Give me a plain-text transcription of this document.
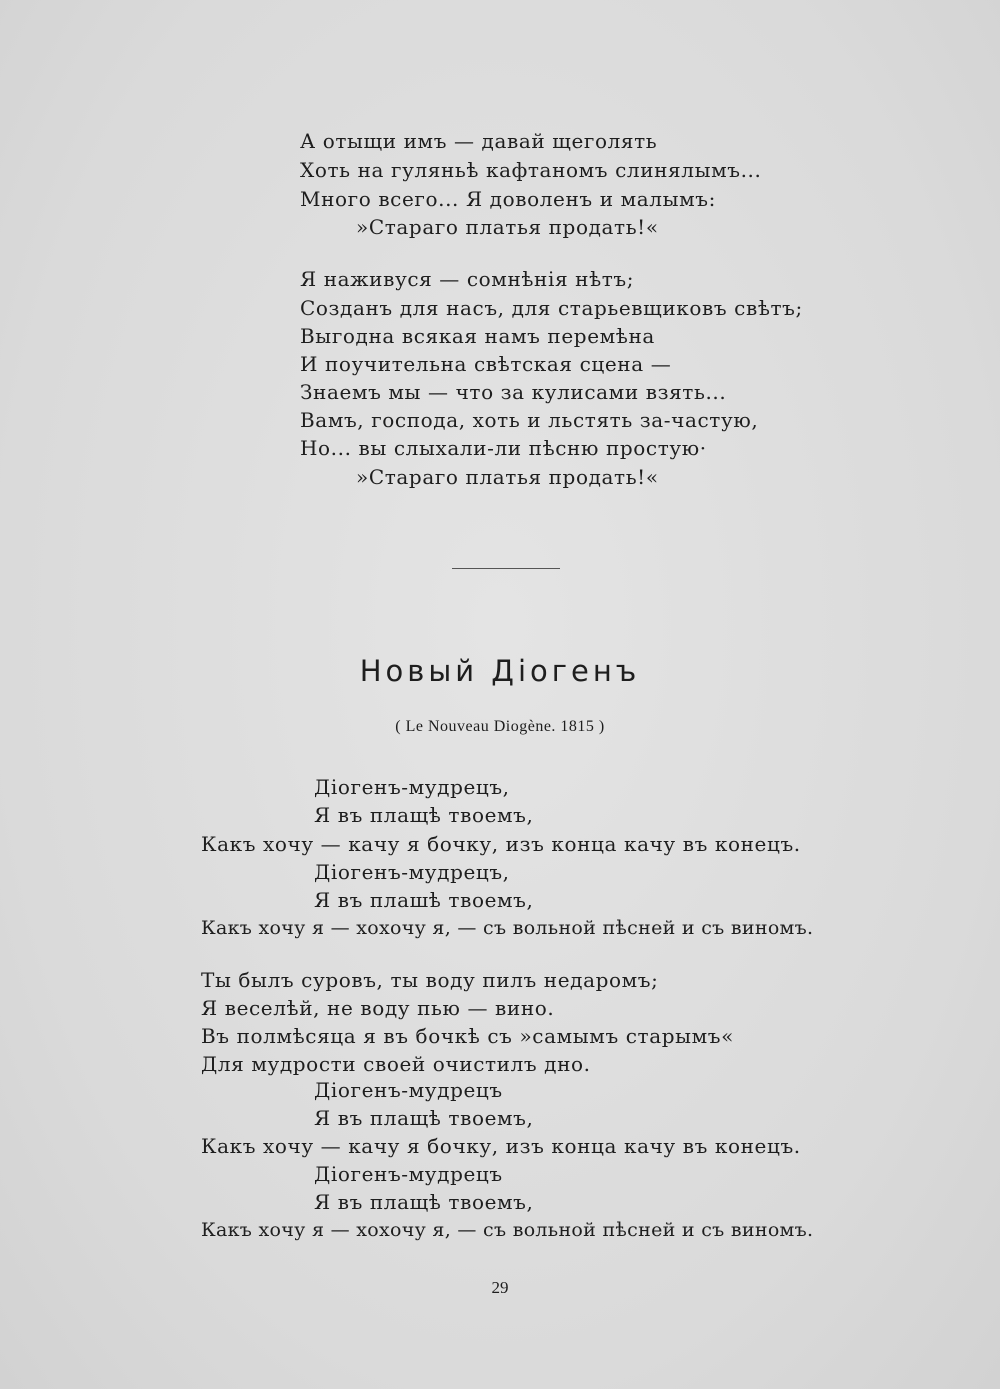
А отыщи имъ — давай щеголять
Хоть на гуляньѣ кафтаномъ слинялымъ...
Много всего... Я доволенъ и малымъ:
»Стараго платья продать!«
Я наживуся — сомнѣнія нѣтъ;
Созданъ для насъ, для старьевщиковъ свѣтъ;
Выгодна всякая намъ перемѣна
И поучительна свѣтская сцена —
Знаемъ мы — что за кулисами взять...
Вамъ, господа, хоть и льстять за-частую,
Но... вы слыхали-ли пѣсню простую·
»Стараго платья продать!«
Новый Діогенъ
( Le Nouveau Diogène. 1815 )
Діогенъ-мудрецъ,
Я въ плащѣ твоемъ,
Какъ хочу — качу я бочку, изъ конца качу въ конецъ.
Діогенъ-мудрецъ,
Я въ плашѣ твоемъ,
Какъ хочу я — хохочу я, — съ вольной пѣсней и съ виномъ.
Ты былъ суровъ, ты воду пилъ недаромъ;
Я веселѣй, не воду пью — вино.
Въ полмѣсяца я въ бочкѣ съ »самымъ старымъ«
Для мудрости своей очистилъ дно.
Діогенъ-мудрецъ
Я въ плащѣ твоемъ,
Какъ хочу — качу я бочку, изъ конца качу въ конецъ.
Діогенъ-мудрецъ
Я въ плащѣ твоемъ,
Какъ хочу я — хохочу я, — съ вольной пѣсней и съ виномъ.
29
